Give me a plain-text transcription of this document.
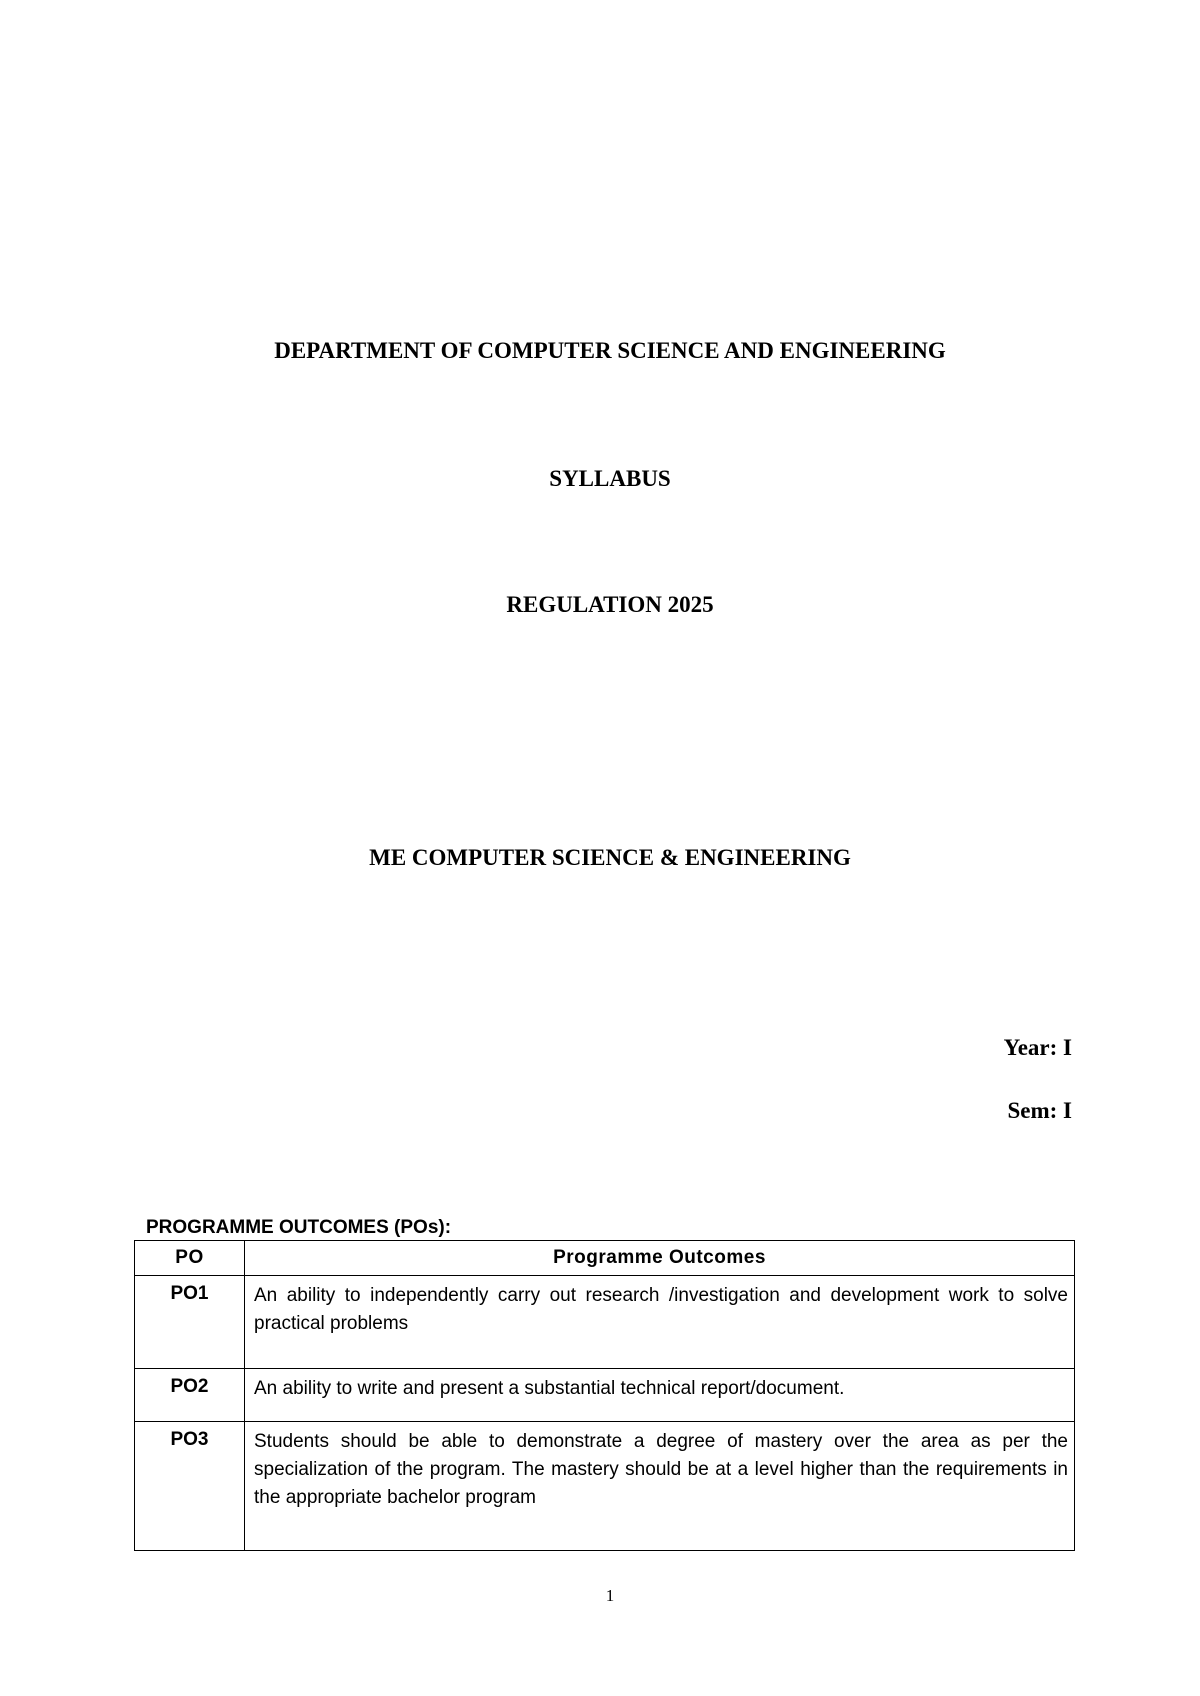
DEPARTMENT OF COMPUTER SCIENCE AND ENGINEERING
SYLLABUS
REGULATION 2025
ME COMPUTER SCIENCE & ENGINEERING
Year: I
Sem: I
PROGRAMME OUTCOMES (POs):
PO	Programme Outcomes
PO1	An ability to independently carry out research /investigation and development work to solve practical problems
PO2	An ability to write and present a substantial technical report/document.
PO3	Students should be able to demonstrate a degree of mastery over the area as per the specialization of the program. The mastery should be at a level higher than the requirements in the appropriate bachelor program
1
